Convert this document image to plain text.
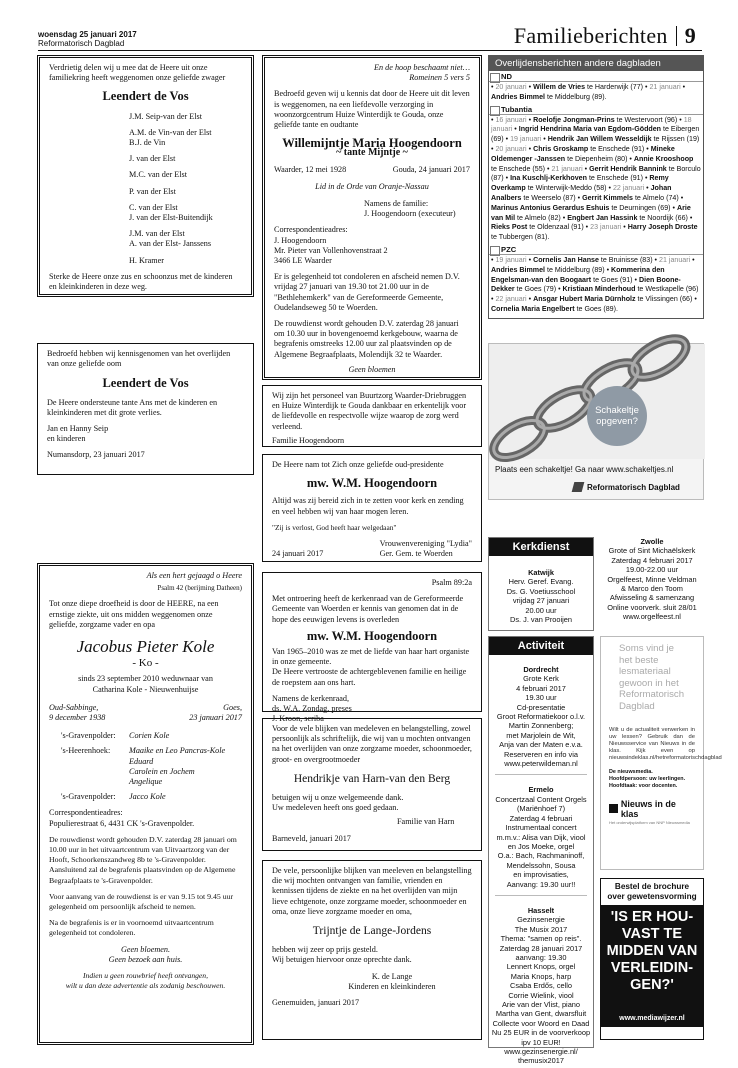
woensdag 25 januari 2017
Reformatorisch Dagblad	Familieberichten 9
Verdrietig delen wij u mee dat de Heere uit onze familiekring heeft weggenomen onze geliefde zwager
Leendert de Vos
J.M. Seip-van der Elst
A.M. de Vin-van der Elst
B.J. de Vin
J. van der Elst
M.C. van der Elst
P. van der Elst
C. van der Elst
J. van der Elst-Buitendijk
J.M. van der Elst
A. van der Elst- Janssens
H. Kramer
Sterke de Heere onze zus en schoonzus met de kinderen en kleinkinderen in deze weg.
Bedroefd hebben wij kennisgenomen van het overlijden van onze geliefde oom
Leendert de Vos
De Heere ondersteune tante Ans met de kinderen en kleinkinderen met dit grote verlies.
Jan en Hanny Seip
en kinderen
Numansdorp, 23 januari 2017
Als een hert gejaagd o Heere
Psalm 42 (berijming Datheen)
Tot onze diepe droefheid is door de HEERE, na een ernstige ziekte, uit ons midden weggenomen onze geliefde, zorgzame vader en opa
Jacobus Pieter Kole
- Ko -
sinds 23 september 2010 weduwnaar van
Catharina Kole - Nieuwenhuijse
Oud-Sabbinge,
9 december 1938
Goes,
23 januari 2017
's-Gravenpolder:	Corien Kole
's-Heerenhoek:	Maaike en Leo Pancras-Kole
Eduard
Carolein en Jochem
Angelique
's-Gravenpolder:	Jacco Kole
Correspondentieadres:
Populierestraat 6, 4431 CK 's-Gravenpolder.
De rouwdienst wordt gehouden D.V. zaterdag 28 januari om 10.00 uur in het uitvaartcentrum van Uitvaartzorg van der Hooft, Schoorkenszandweg 8b te 's-Gravenpolder. Aansluitend zal de begrafenis plaatsvinden op de Algemene Begraafplaats te 's-Gravenpolder.
Voor aanvang van de rouwdienst is er van 9.15 tot 9.45 uur gelegenheid om persoonlijk afscheid te nemen.
Na de begrafenis is er in voornoemd uitvaartcentrum gelegenheid tot condoleren.
Geen bloemen.
Geen bezoek aan huis.
Indien u geen rouwbrief heeft ontvangen,
wilt u dan deze advertentie als zodanig beschouwen.
En de hoop beschaamt niet…
Romeinen 5 vers 5
Bedroefd geven wij u kennis dat door de Heere uit dit leven is weggenomen, na een liefdevolle verzorging in woonzorgcentrum Huize Winterdijk te Gouda, onze geliefde tante en oudtante
Willemijntje Maria Hoogendoorn
~ tante Mijntje ~
Waarder, 12 mei 1928	Gouda, 24 januari 2017
Lid in de Orde van Oranje-Nassau
Namens de familie:
J. Hoogendoorn (executeur)
Correspondentieadres:
J. Hoogendoorn
Mr. Pieter van Vollenhovenstraat 2
3466 LE Waarder
Er is gelegenheid tot condoleren en afscheid nemen D.V. vrijdag 27 januari van 19.30 tot 21.00 uur in de "Bethlehemkerk" van de Gereformeerde Gemeente, Oudelandseweg 50 te Woerden.
De rouwdienst wordt gehouden D.V. zaterdag 28 januari om 10.30 uur in bovengenoemd kerkgebouw, waarna de begrafenis omstreeks 12.00 uur zal plaatsvinden op de Algemene Begraafplaats, Molendijk 32 te Waarder.
Geen bloemen
Wij zijn het personeel van Buurtzorg Waarder-Driebruggen en Huize Winterdijk te Gouda dankbaar en erkentelijk voor de liefdevolle en respectvolle wijze waarop de zorg werd verleend.
Familie Hoogendoorn
De Heere nam tot Zich onze geliefde oud-presidente
mw. W.M. Hoogendoorn
Altijd was zij bereid zich in te zetten voor kerk en zending en veel hebben wij van haar mogen leren.
"Zij is verlost, God heeft haar welgedaan"
24 januari 2017
Vrouwenvereniging "Lydia"
Ger. Gem. te Woerden
Psalm 89:2a
Met ontroering heeft de kerkenraad van de Gereformeerde Gemeente van Woerden er kennis van genomen dat in de hope des eeuwigen levens is overleden
mw. W.M. Hoogendoorn
Van 1965–2010 was ze met de liefde van haar hart organiste in onze gemeente.
De Heere vertrooste de achtergeblevenen familie en heilige de roepstem aan ons hart.
Namens de kerkenraad,
ds. W.A. Zondag, preses
J. Kroon, scriba
Voor de vele blijken van medeleven en belangstelling, zowel persoonlijk als schriftelijk, die wij van u mochten ontvangen na het overlijden van onze zorgzame moeder, schoonmoeder, groot- en overgrootmoeder
Hendrikje van Harn-van den Berg
betuigen wij u onze welgemeende dank.
Uw medeleven heeft ons goed gedaan.
Familie van Harn
Barneveld, januari 2017
De vele, persoonlijke blijken van meeleven en belangstelling die wij mochten ontvangen van familie, vrienden en kennissen tijdens de ziekte en na het overlijden van mijn lieve echtgenote, onze zorgzame moeder, schoonmoeder en oma, onze lieve zorgzame moeder en oma,
Trijntje de Lange-Jordens
hebben wij zeer op prijs gesteld.
Wij betuigen hiervoor onze oprechte dank.
K. de Lange
Kinderen en kleinkinderen
Genemuiden, januari 2017
Overlijdensberichten andere dagbladen
ND
• 20 januari • Willem de Vries te Harderwijk (77) • 21 januari • Andries Bimmel te Middelburg (89).
Tubantia
• 16 januari • Roelofje Jongman-Prins te Westervoort (96) • 18 januari • Ingrid Hendrina Maria van Egdom-Gödden te Eibergen (69) • 19 januari • Hendrik Jan Willem Wesseldijk te Rijssen (19) • 20 januari • Chris Groskamp te Enschede (91) • Mineke Oldemenger -Janssen te Diepenheim (80) • Annie Krooshoop te Enschede (55) • 21 januari • Gerrit Hendrik Bannink te Borculo (87) • Ina Kuschlj-Kerkhoven te Enschede (91) • Remy Overkamp te Winterwijk-Meddo (58) • 22 januari • Johan Analbers te Weerselo (87) • Gerrit Kimmels te Almelo (74) • Marinus Antonius Gerardus Eshuis te Deurningen (69) • Arie van Mil te Almelo (82) • Engbert Jan Hassink te Noordijk (66) • Rieks Post te Oldenzaal (91) • 23 januari • Harry Joseph Droste te Tubbergen (81).
PZC
• 19 januari • Cornelis Jan Hanse te Bruinisse (83) • 21 januari • Andries Bimmel te Middelburg (89) • Kommerina den Engelsman-van den Boogaart te Goes (91) • Dien Boone-Dekker te Goes (79) • Kristiaan Minderhoud te Westkapelle (96) • 22 januari • Ansgar Hubert Maria Dürnholz te Vlissingen (66) • Cornelia Maria Engelbert te Goes (89).
Schakeltje
opgeven?
Plaats een schakeltje! Ga naar www.schakeltjes.nl
Reformatorisch Dagblad
Kerkdienst
Katwijk
Herv. Geref. Evang.
Ds. G. Voetiusschool
vrijdag 27 januari
20.00 uur
Ds. J. van Prooijen
Zwolle
Grote of Sint Michaëlskerk
Zaterdag 4 februari 2017
19.00-22.00 uur
Orgelfeest, Minne Veldman
& Marco den Toom
Afwisseling & samenzang
Online voorverk. sluit 28/01
www.orgelfeest.nl
Activiteit
Dordrecht
Grote Kerk
4 februari 2017
19.30 uur
Cd-presentatie
Groot Reformatiekoor o.l.v.
Martin Zonnenberg;
met Marjolein de Wit,
Anja van der Maten e.v.a.
Reserveren en info via
www.peterwildeman.nl
Ermelo
Concertzaal Content Orgels
(Mariënhoef 7)
Zaterdag 4 februari
Instrumentaal concert
m.m.v.: Alisa van Dijk, viool
en Jos Moeke, orgel
O.a.: Bach, Rachmaninoff,
Mendelssohn, Sousa
en improvisaties,
Aanvang: 19.30 uur!!
Hasselt
Gezinsenergie
The Musix 2017
Thema: "samen op reis".
Zaterdag 28 januari 2017
aanvang: 19.30
Lennert Knops, orgel
Maria Knops, harp
Csaba Erdős, cello
Corrie Wielink, viool
Arie van der Vlist, piano
Martha van Gent, dwarsfluit
Collecte voor Woord en Daad
Nu 25 EUR in de voorverkoop
ipv 10 EUR!
www.gezinsenergie.nl/
themusix2017
Soms vind je
het beste
lesmateriaal
gewoon in het
Reformatorisch
Dagblad
Wilt u de actualiteit verwerken in uw lessen? Gebruik dan de Nieuwsservice van Nieuws in de klas. Kijk even op nieuwsindeklas.nl/hetreformatorischdagblad
De nieuwsmedia.
Hoofdpersoon: uw leerlingen.
Hoofdtaak: voor docenten.
Nieuws in de klas
Het onderwijsplatform van NNP Nieuwsmedia
Bestel de brochure
over gewetensvorming
'IS ER HOU-
VAST TE
MIDDEN VAN
VERLEIDIN-
GEN?'
www.mediawijzer.nl
